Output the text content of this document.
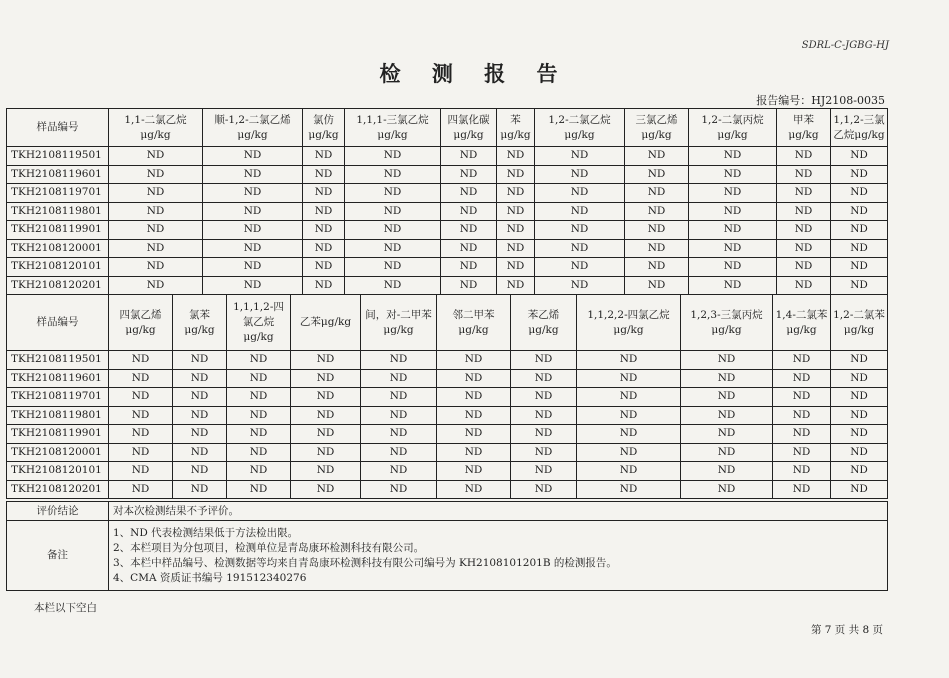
SDRL-C-JGBG-HJ
检 测 报 告
报告编号：HJ2108-0035
样品编号	1,1-二氯乙烷 μg/kg	顺-1,2-二氯乙烯 μg/kg	氯仿 μg/kg	1,1,1-三氯乙烷 μg/kg	四氯化碳μg/kg	苯 μg/kg	1,2-二氯乙烷 μg/kg	三氯乙烯 μg/kg	1,2-二氯丙烷μg/kg	甲苯 μg/kg	1,1,2-三氯乙烷μg/kg
TKH2108119501	ND	ND	ND	ND	ND	ND	ND	ND	ND	ND	ND
TKH2108119601	ND	ND	ND	ND	ND	ND	ND	ND	ND	ND	ND
TKH2108119701	ND	ND	ND	ND	ND	ND	ND	ND	ND	ND	ND
TKH2108119801	ND	ND	ND	ND	ND	ND	ND	ND	ND	ND	ND
TKH2108119901	ND	ND	ND	ND	ND	ND	ND	ND	ND	ND	ND
TKH2108120001	ND	ND	ND	ND	ND	ND	ND	ND	ND	ND	ND
TKH2108120101	ND	ND	ND	ND	ND	ND	ND	ND	ND	ND	ND
TKH2108120201	ND	ND	ND	ND	ND	ND	ND	ND	ND	ND	ND
样品编号	四氯乙烯 μg/kg	氯苯 μg/kg	1,1,1,2-四氯乙烷 μg/kg	乙苯μg/kg	间，对-二甲苯μg/kg	邻二甲苯 μg/kg	苯乙烯 μg/kg	1,1,2,2-四氯乙烷 μg/kg	1,2,3-三氯丙烷 μg/kg	1,4-二氯苯 μg/kg	1,2-二氯苯μg/kg
TKH2108119501	ND	ND	ND	ND	ND	ND	ND	ND	ND	ND	ND
TKH2108119601	ND	ND	ND	ND	ND	ND	ND	ND	ND	ND	ND
TKH2108119701	ND	ND	ND	ND	ND	ND	ND	ND	ND	ND	ND
TKH2108119801	ND	ND	ND	ND	ND	ND	ND	ND	ND	ND	ND
TKH2108119901	ND	ND	ND	ND	ND	ND	ND	ND	ND	ND	ND
TKH2108120001	ND	ND	ND	ND	ND	ND	ND	ND	ND	ND	ND
TKH2108120101	ND	ND	ND	ND	ND	ND	ND	ND	ND	ND	ND
TKH2108120201	ND	ND	ND	ND	ND	ND	ND	ND	ND	ND	ND
评价结论	对本次检测结果不予评价。
备注	1、ND 代表检测结果低于方法检出限。
2、本栏项目为分包项目，检测单位是青岛康环检测科技有限公司。
3、本栏中样品编号、检测数据等均来自青岛康环检测科技有限公司编号为 KH2108101201B 的检测报告。
4、CMA 资质证书编号 191512340276
本栏以下空白
第 7 页 共 8 页
